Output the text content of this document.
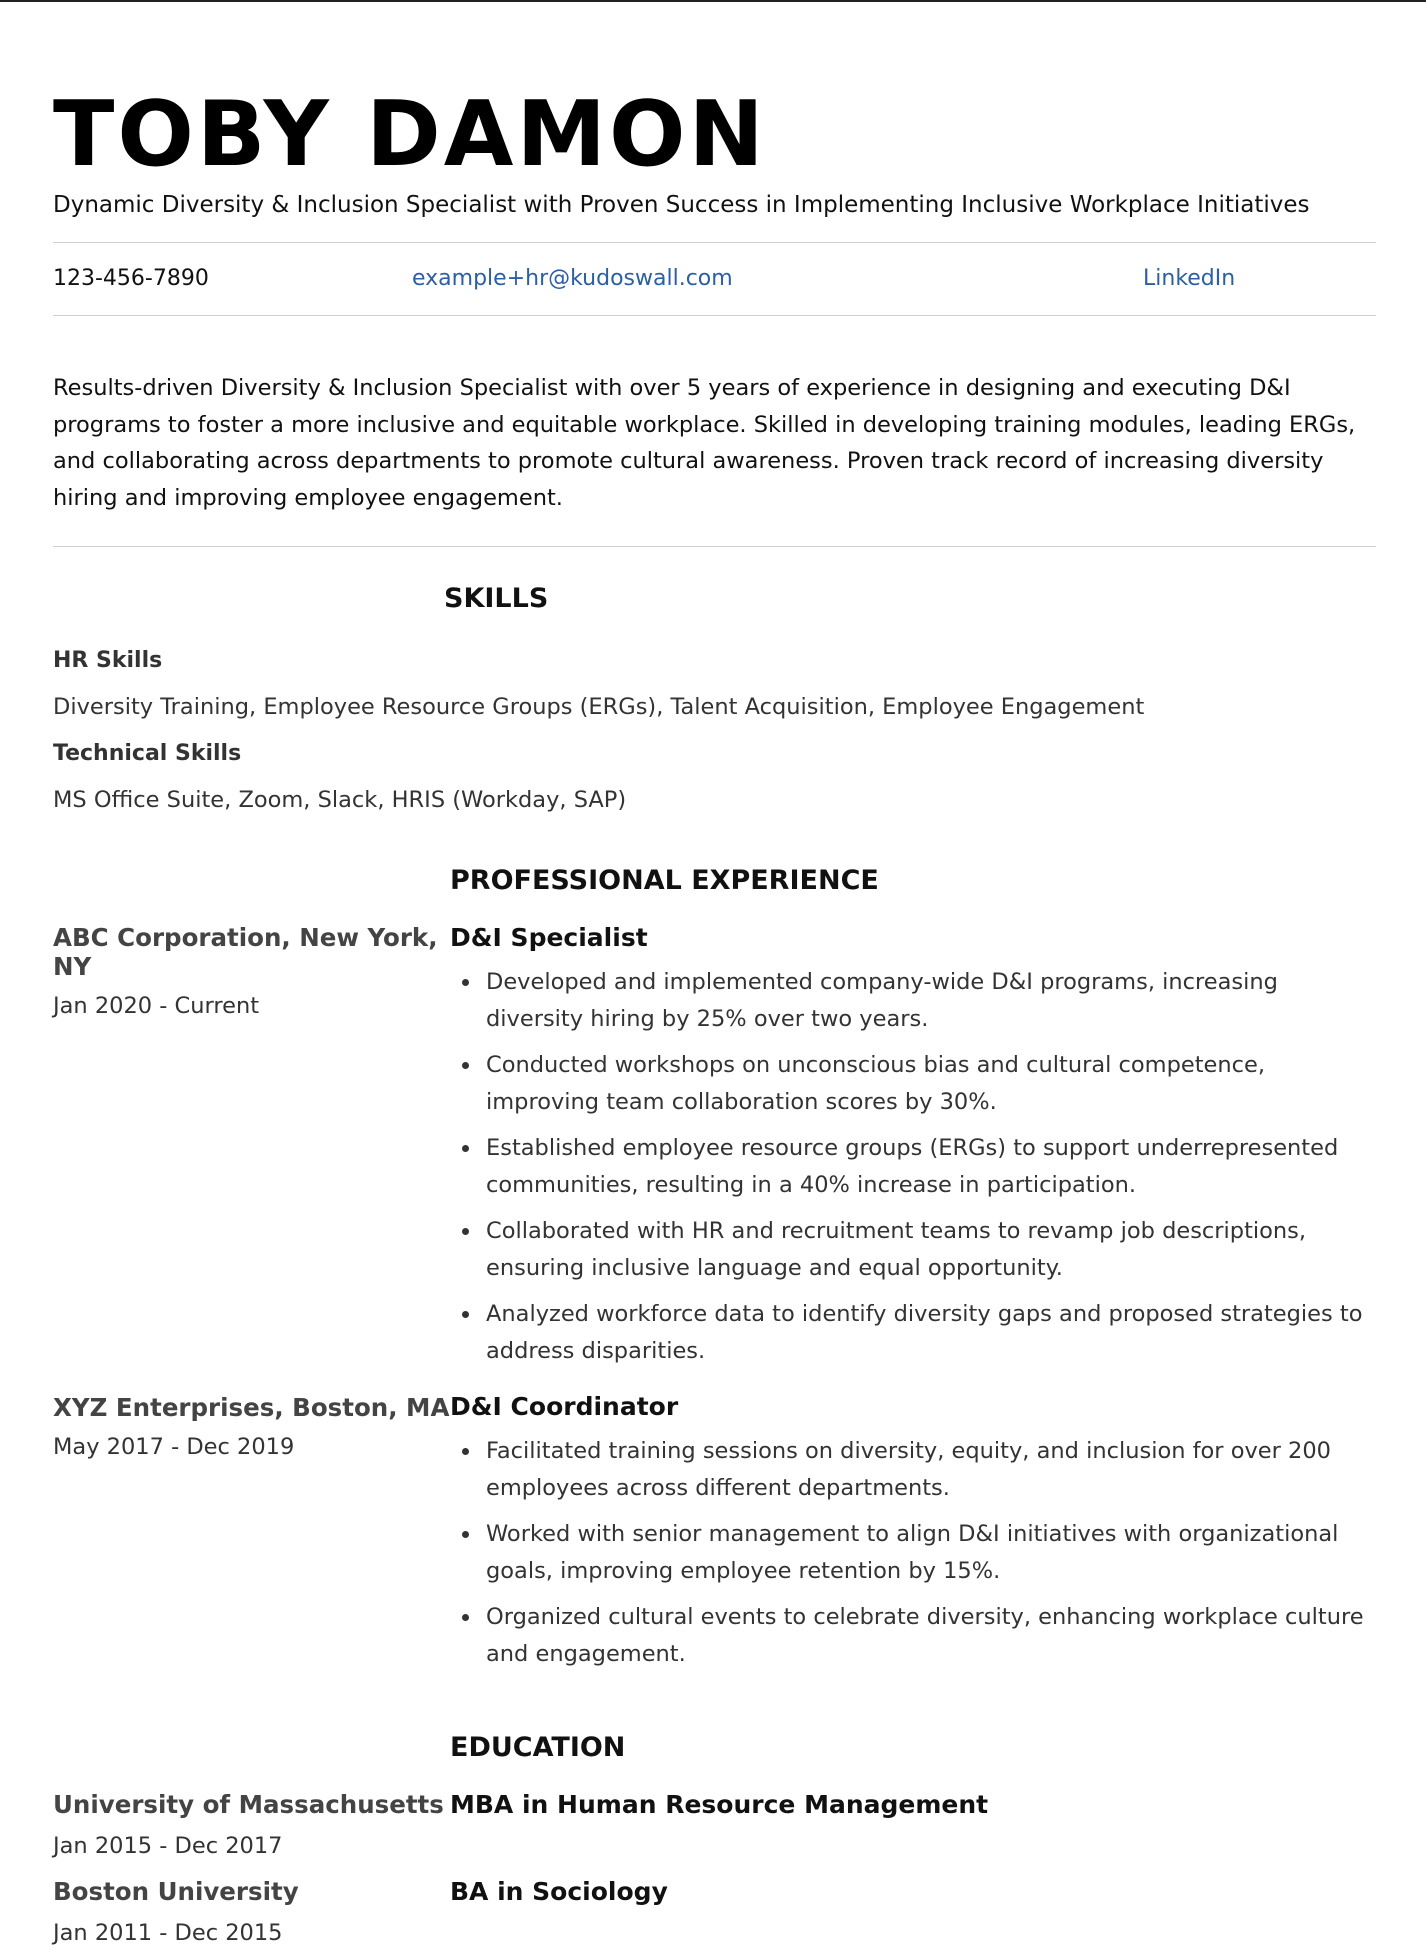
TOBY DAMON
Dynamic Diversity & Inclusion Specialist with Proven Success in Implementing Inclusive Workplace Initiatives
123-456-7890	example+hr@kudoswall.com	LinkedIn
Results-driven Diversity & Inclusion Specialist with over 5 years of experience in designing and executing D&I programs to foster a more inclusive and equitable workplace. Skilled in developing training modules, leading ERGs, and collaborating across departments to promote cultural awareness. Proven track record of increasing diversity hiring and improving employee engagement.
SKILLS
HR Skills
Diversity Training, Employee Resource Groups (ERGs), Talent Acquisition, Employee Engagement
Technical Skills
MS Office Suite, Zoom, Slack, HRIS (Workday, SAP)
PROFESSIONAL EXPERIENCE
ABC Corporation, New York, NY
Jan 2020 - Current
D&I Specialist
Developed and implemented company-wide D&I programs, increasing diversity hiring by 25% over two years.
Conducted workshops on unconscious bias and cultural competence, improving team collaboration scores by 30%.
Established employee resource groups (ERGs) to support underrepresented communities, resulting in a 40% increase in participation.
Collaborated with HR and recruitment teams to revamp job descriptions, ensuring inclusive language and equal opportunity.
Analyzed workforce data to identify diversity gaps and proposed strategies to address disparities.
XYZ Enterprises, Boston, MA
May 2017 - Dec 2019
D&I Coordinator
Facilitated training sessions on diversity, equity, and inclusion for over 200 employees across different departments.
Worked with senior management to align D&I initiatives with organizational goals, improving employee retention by 15%.
Organized cultural events to celebrate diversity, enhancing workplace culture and engagement.
EDUCATION
University of Massachusetts
Jan 2015 - Dec 2017
MBA in Human Resource Management
Boston University
Jan 2011 - Dec 2015
BA in Sociology
